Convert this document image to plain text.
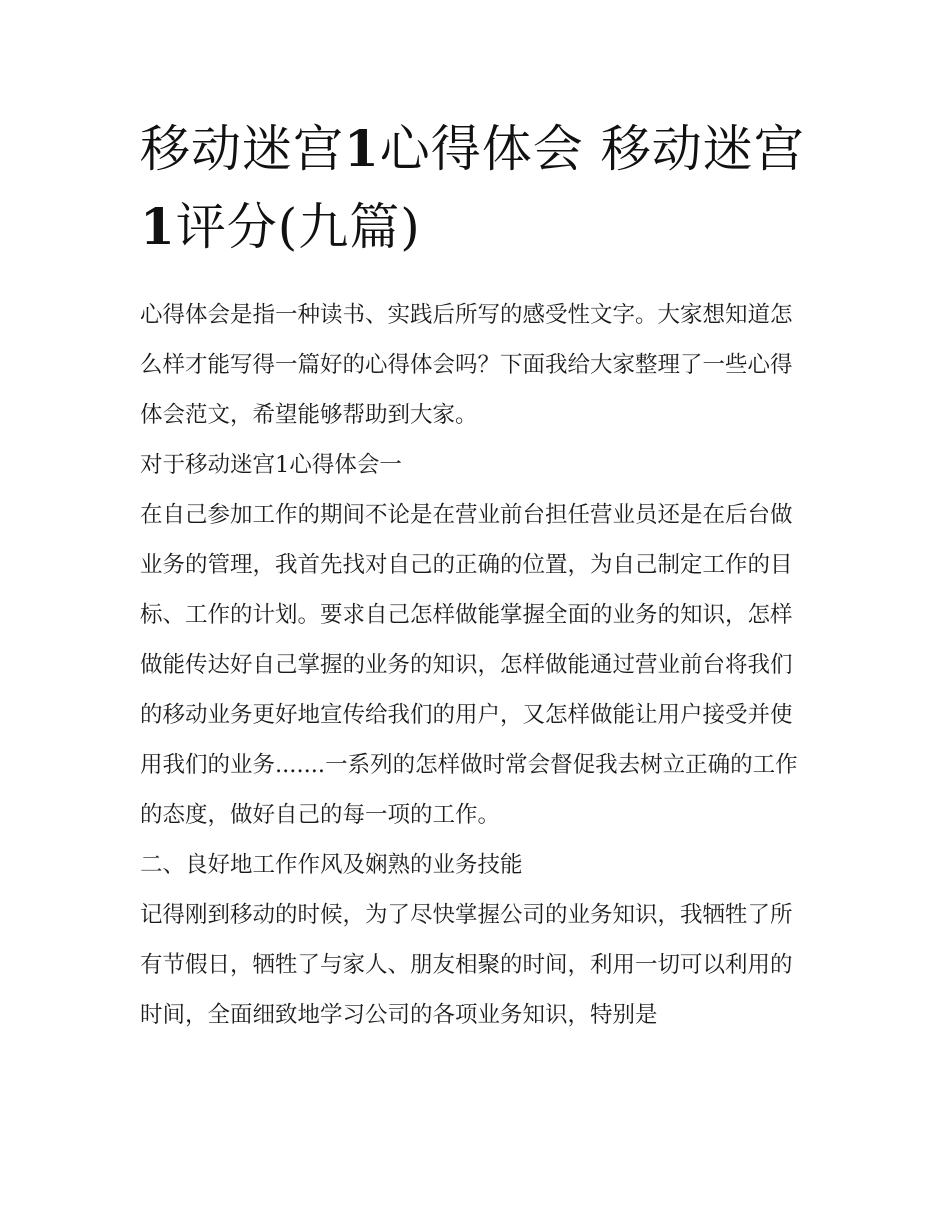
移动迷宫1心得体会 移动迷宫
1评分(九篇)

心得体会是指一种读书、实践后所写的感受性文字。大家想知道怎么样才能写得一篇好的心得体会吗？下面我给大家整理了一些心得体会范文，希望能够帮助到大家。

对于移动迷宫1心得体会一

在自己参加工作的期间不论是在营业前台担任营业员还是在后台做业务的管理，我首先找对自己的正确的位置，为自己制定工作的目标、工作的计划。要求自己怎样做能掌握全面的业务的知识，怎样做能传达好自己掌握的业务的知识，怎样做能通过营业前台将我们的移动业务更好地宣传给我们的用户，又怎样做能让用户接受并使用我们的业务.......一系列的怎样做时常会督促我去树立正确的工作的态度，做好自己的每一项的工作。

二、良好地工作作风及娴熟的业务技能

记得刚到移动的时候，为了尽快掌握公司的业务知识，我牺牲了所有节假日，牺牲了与家人、朋友相聚的时间，利用一切可以利用的时间，全面细致地学习公司的各项业务知识，特别是
